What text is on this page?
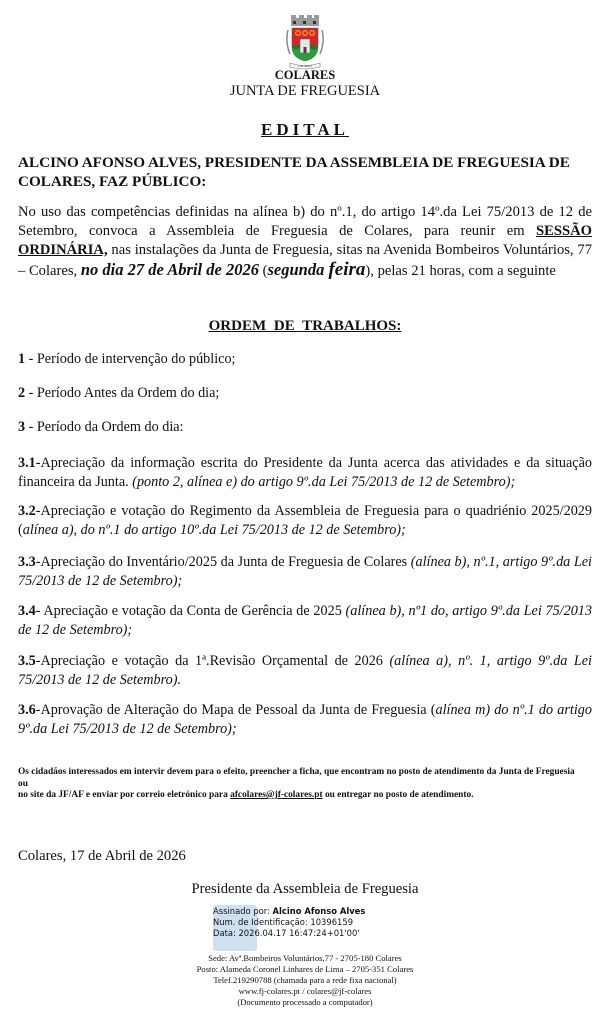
COLARES
COLARES
JUNTA DE FREGUESIA
EDITAL
ALCINO AFONSO ALVES, PRESIDENTE DA ASSEMBLEIA DE FREGUESIA DE COLARES, FAZ PÚBLICO:
No uso das competências definidas na alínea b) do nº.1, do artigo 14º.da Lei 75/2013 de 12 de Setembro, convoca a Assembleia de Freguesia de Colares, para reunir em SESSÃO ORDINÁRIA, nas instalações da Junta de Freguesia, sitas na Avenida Bombeiros Voluntários, 77 – Colares, no dia 27 de Abril de 2026 (segunda feira), pelas 21 horas, com a seguinte
ORDEM DE TRABALHOS:
1 - Período de intervenção do público;
2 - Período Antes da Ordem do dia;
3 - Período da Ordem do dia:
3.1-Apreciação da informação escrita do Presidente da Junta acerca das atividades e da situação financeira da Junta. (ponto 2, alínea e) do artigo 9º.da Lei 75/2013 de 12 de Setembro);
3.2-Apreciação e votação do Regimento da Assembleia de Freguesia para o quadriénio 2025/2029 (alínea a), do nº.1 do artigo 10º.da Lei 75/2013 de 12 de Setembro);
3.3-Apreciação do Inventário/2025 da Junta de Freguesia de Colares (alínea b), nº.1, artigo 9º.da Lei 75/2013 de 12 de Setembro);
3.4- Apreciação e votação da Conta de Gerência de 2025 (alínea b), nº1 do, artigo 9º.da Lei 75/2013 de 12 de Setembro);
3.5-Apreciação e votação da 1ª.Revisão Orçamental de 2026 (alínea a), nº. 1, artigo 9º.da Lei 75/2013 de 12 de Setembro).
3.6-Aprovação de Alteração do Mapa de Pessoal da Junta de Freguesia (alínea m) do nº.1 do artigo 9º.da Lei 75/2013 de 12 de Setembro);
Os cidadãos interessados em intervir devem para o efeito, preencher a ficha, que encontram no posto de atendimento da Junta de Freguesia
ou
no site da JF/AF e enviar por correio eletrónico para afcolares@jf-colares.pt ou entregar no posto de atendimento.
Colares, 17 de Abril de 2026
Presidente da Assembleia de Freguesia
Assinado por: Alcino Afonso Alves
Num. de Identificação: 10396159
Data: 2026.04.17 16:47:24+01'00'
Sede: Avª.Bombeiros Voluntários,77 - 2705-180 Colares
Posto: Alameda Coronel Linhares de Lima – 2705-351 Colares
Telef.219290788 (chamada para a rede fixa nacional)
www.fj-colares.pt / colares@jf-colares
(Documento processado a computador)
